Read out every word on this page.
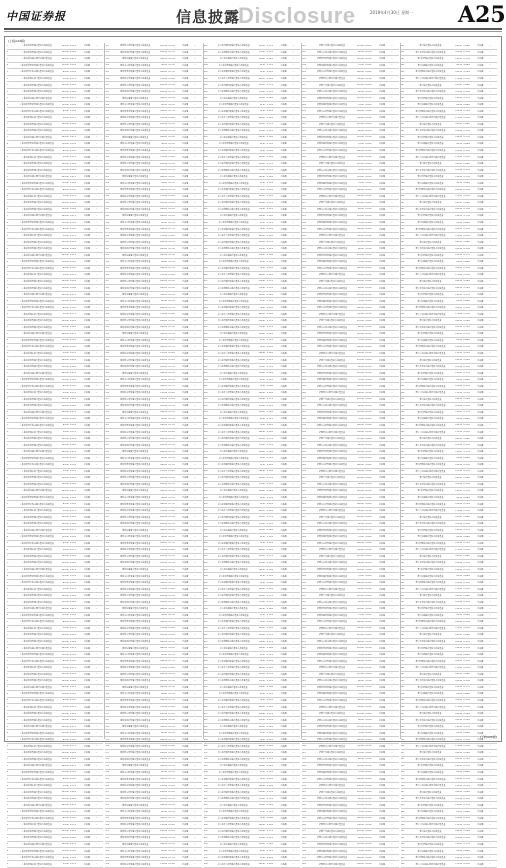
中国证券报	信息披露
Disclosure	2019年4月30日 星期一 A25
(上接A24版)
1	工银瑞信添利债券型证券投资基金	200.00 0.25%	已披露	—
2	工银瑞信双利债券型证券投资基金	150.00 0.18%	已披露	—
3	工银瑞信纯债定期开放债券型基金	300.00 0.37%	已披露	—
4	工银瑞信信用添利债券型证券投资基金	120.00 0.15%	已披露	—
5	工银瑞信四季收益债券型证券投资基金	80.00 0.10%	已披露	—
6	工银瑞信保本混合型证券投资基金	90.00 0.11%	已披露	—
1	工银瑞信添利债券型证券投资基金	200.00 0.25%	已披露	—
2	工银瑞信双利债券型证券投资基金	150.00 0.18%	已披露	—
3	工银瑞信纯债定期开放债券型基金	300.00 0.37%	已披露	—
4	工银瑞信信用添利债券型证券投资基金	120.00 0.15%	已披露	—
5	工银瑞信四季收益债券型证券投资基金	80.00 0.10%	已披露	—
6	工银瑞信保本混合型证券投资基金	90.00 0.11%	已披露	—
1	工银瑞信添利债券型证券投资基金	200.00 0.25%	已披露	—
2	工银瑞信双利债券型证券投资基金	150.00 0.18%	已披露	—
3	工银瑞信纯债定期开放债券型基金	300.00 0.37%	已披露	—
4	工银瑞信信用添利债券型证券投资基金	120.00 0.15%	已披露	—
5	工银瑞信四季收益债券型证券投资基金	80.00 0.10%	已披露	—
6	工银瑞信保本混合型证券投资基金	90.00 0.11%	已披露	—
1	工银瑞信添利债券型证券投资基金	200.00 0.25%	已披露	—
2	工银瑞信双利债券型证券投资基金	150.00 0.18%	已披露	—
3	工银瑞信纯债定期开放债券型基金	300.00 0.37%	已披露	—
4	工银瑞信信用添利债券型证券投资基金	120.00 0.15%	已披露	—
5	工银瑞信四季收益债券型证券投资基金	80.00 0.10%	已披露	—
6	工银瑞信保本混合型证券投资基金	90.00 0.11%	已披露	—
1	工银瑞信添利债券型证券投资基金	200.00 0.25%	已披露	—
2	工银瑞信双利债券型证券投资基金	150.00 0.18%	已披露	—
3	工银瑞信纯债定期开放债券型基金	300.00 0.37%	已披露	—
4	工银瑞信信用添利债券型证券投资基金	120.00 0.15%	已披露	—
5	工银瑞信四季收益债券型证券投资基金	80.00 0.10%	已披露	—
6	工银瑞信保本混合型证券投资基金	90.00 0.11%	已披露	—
1	工银瑞信添利债券型证券投资基金	200.00 0.25%	已披露	—
2	工银瑞信双利债券型证券投资基金	150.00 0.18%	已披露	—
3	工银瑞信纯债定期开放债券型基金	300.00 0.37%	已披露	—
4	工银瑞信信用添利债券型证券投资基金	120.00 0.15%	已披露	—
5	工银瑞信四季收益债券型证券投资基金	80.00 0.10%	已披露	—
6	工银瑞信保本混合型证券投资基金	90.00 0.11%	已披露	—
1	工银瑞信添利债券型证券投资基金	200.00 0.25%	已披露	—
2	工银瑞信双利债券型证券投资基金	150.00 0.18%	已披露	—
3	工银瑞信纯债定期开放债券型基金	300.00 0.37%	已披露	—
4	工银瑞信信用添利债券型证券投资基金	120.00 0.15%	已披露	—
5	工银瑞信四季收益债券型证券投资基金	80.00 0.10%	已披露	—
6	工银瑞信保本混合型证券投资基金	90.00 0.11%	已披露	—
1	工银瑞信添利债券型证券投资基金	200.00 0.25%	已披露	—
2	工银瑞信双利债券型证券投资基金	150.00 0.18%	已披露	—
3	工银瑞信纯债定期开放债券型基金	300.00 0.37%	已披露	—
4	工银瑞信信用添利债券型证券投资基金	120.00 0.15%	已披露	—
5	工银瑞信四季收益债券型证券投资基金	80.00 0.10%	已披露	—
6	工银瑞信保本混合型证券投资基金	90.00 0.11%	已披露	—
1	工银瑞信添利债券型证券投资基金	200.00 0.25%	已披露	—
2	工银瑞信双利债券型证券投资基金	150.00 0.18%	已披露	—
3	工银瑞信纯债定期开放债券型基金	300.00 0.37%	已披露	—
4	工银瑞信信用添利债券型证券投资基金	120.00 0.15%	已披露	—
5	工银瑞信四季收益债券型证券投资基金	80.00 0.10%	已披露	—
6	工银瑞信保本混合型证券投资基金	90.00 0.11%	已披露	—
1	工银瑞信添利债券型证券投资基金	200.00 0.25%	已披露	—
2	工银瑞信双利债券型证券投资基金	150.00 0.18%	已披露	—
3	工银瑞信纯债定期开放债券型基金	300.00 0.37%	已披露	—
4	工银瑞信信用添利债券型证券投资基金	120.00 0.15%	已披露	—
5	工银瑞信四季收益债券型证券投资基金	80.00 0.10%	已披露	—
6	工银瑞信保本混合型证券投资基金	90.00 0.11%	已披露	—
1	工银瑞信添利债券型证券投资基金	200.00 0.25%	已披露	—
2	工银瑞信双利债券型证券投资基金	150.00 0.18%	已披露	—
3	工银瑞信纯债定期开放债券型基金	300.00 0.37%	已披露	—
4	工银瑞信信用添利债券型证券投资基金	120.00 0.15%	已披露	—
5	工银瑞信四季收益债券型证券投资基金	80.00 0.10%	已披露	—
6	工银瑞信保本混合型证券投资基金	90.00 0.11%	已披露	—
1	工银瑞信添利债券型证券投资基金	200.00 0.25%	已披露	—
2	工银瑞信双利债券型证券投资基金	150.00 0.18%	已披露	—
3	工银瑞信纯债定期开放债券型基金	300.00 0.37%	已披露	—
4	工银瑞信信用添利债券型证券投资基金	120.00 0.15%	已披露	—
5	工银瑞信四季收益债券型证券投资基金	80.00 0.10%	已披露	—
6	工银瑞信保本混合型证券投资基金	90.00 0.11%	已披露	—
1	工银瑞信添利债券型证券投资基金	200.00 0.25%	已披露	—
2	工银瑞信双利债券型证券投资基金	150.00 0.18%	已披露	—
3	工银瑞信纯债定期开放债券型基金	300.00 0.37%	已披露	—
4	工银瑞信信用添利债券型证券投资基金	120.00 0.15%	已披露	—
5	工银瑞信四季收益债券型证券投资基金	80.00 0.10%	已披露	—
6	工银瑞信保本混合型证券投资基金	90.00 0.11%	已披露	—
1	工银瑞信添利债券型证券投资基金	200.00 0.25%	已披露	—
2	工银瑞信双利债券型证券投资基金	150.00 0.18%	已披露	—
3	工银瑞信纯债定期开放债券型基金	300.00 0.37%	已披露	—
4	工银瑞信信用添利债券型证券投资基金	120.00 0.15%	已披露	—
5	工银瑞信四季收益债券型证券投资基金	80.00 0.10%	已披露	—
6	工银瑞信保本混合型证券投资基金	90.00 0.11%	已披露	—
1	工银瑞信添利债券型证券投资基金	200.00 0.25%	已披露	—
2	工银瑞信双利债券型证券投资基金	150.00 0.18%	已披露	—
3	工银瑞信纯债定期开放债券型基金	300.00 0.37%	已披露	—
4	工银瑞信信用添利债券型证券投资基金	120.00 0.15%	已披露	—
5	工银瑞信四季收益债券型证券投资基金	80.00 0.10%	已披露	—
6	工银瑞信保本混合型证券投资基金	90.00 0.11%	已披露	—
1	工银瑞信添利债券型证券投资基金	200.00 0.25%	已披露	—
2	工银瑞信双利债券型证券投资基金	150.00 0.18%	已披露	—
3	工银瑞信纯债定期开放债券型基金	300.00 0.37%	已披露	—
4	工银瑞信信用添利债券型证券投资基金	120.00 0.15%	已披露	—
5	工银瑞信四季收益债券型证券投资基金	80.00 0.10%	已披露	—
6	工银瑞信保本混合型证券投资基金	90.00 0.11%	已披露	—
1	工银瑞信添利债券型证券投资基金	200.00 0.25%	已披露	—
2	工银瑞信双利债券型证券投资基金	150.00 0.18%	已披露	—
3	工银瑞信纯债定期开放债券型基金	300.00 0.37%	已披露	—
4	工银瑞信信用添利债券型证券投资基金	120.00 0.15%	已披露	—
5	工银瑞信四季收益债券型证券投资基金	80.00 0.10%	已披露	—
6	工银瑞信保本混合型证券投资基金	90.00 0.11%	已披露	—
1	工银瑞信添利债券型证券投资基金	200.00 0.25%	已披露	—
2	工银瑞信双利债券型证券投资基金	150.00 0.18%	已披露	—
3	工银瑞信纯债定期开放债券型基金	300.00 0.37%	已披露	—
4	工银瑞信信用添利债券型证券投资基金	120.00 0.15%	已披露	—
5	工银瑞信四季收益债券型证券投资基金	80.00 0.10%	已披露	—
6	工银瑞信保本混合型证券投资基金	90.00 0.11%	已披露	—
1	工银瑞信添利债券型证券投资基金	200.00 0.25%	已披露	—
2	工银瑞信双利债券型证券投资基金	150.00 0.18%	已披露	—
3	工银瑞信纯债定期开放债券型基金	300.00 0.37%	已披露	—
4	工银瑞信信用添利债券型证券投资基金	120.00 0.15%	已披露	—
5	工银瑞信四季收益债券型证券投资基金	80.00 0.10%	已披露	—
6	工银瑞信保本混合型证券投资基金	90.00 0.11%	已披露	—
1	工银瑞信添利债券型证券投资基金	200.00 0.25%	已披露	—
2	工银瑞信双利债券型证券投资基金	150.00 0.18%	已披露	—
3	工银瑞信纯债定期开放债券型基金	300.00 0.37%	已披露	—
4	工银瑞信信用添利债券型证券投资基金	120.00 0.15%	已披露	—
5	工银瑞信四季收益债券型证券投资基金	80.00 0.10%	已披露	—
6	工银瑞信保本混合型证券投资基金	90.00 0.11%	已披露	—
1	工银瑞信添利债券型证券投资基金	200.00 0.25%	已披露	—
2	工银瑞信双利债券型证券投资基金	150.00 0.18%	已披露	—
3	工银瑞信纯债定期开放债券型基金	300.00 0.37%	已披露	—
4	工银瑞信信用添利债券型证券投资基金	120.00 0.15%	已披露	—
5	工银瑞信四季收益债券型证券投资基金	80.00 0.10%	已披露	—
6	工银瑞信保本混合型证券投资基金	90.00 0.11%	已披露	—
201	建信稳定增利债券型证券投资基金	250.00 0.31%	已披露	—
202	建信双息红利债券型证券投资基金	100.00 0.12%	已披露	—
203	建信纯债债券型证券投资基金	180.00 0.22%	已披露	—
204	建信安心回报债券型证券投资基金	60.00 0.07%	已披露	—
205	建信信用增强债券型证券投资基金	140.00 0.17%	已披露	—
206	建信收益增强债券型证券投资基金	110.00 0.14%	已披露	—
201	建信稳定增利债券型证券投资基金	250.00 0.31%	已披露	—
202	建信双息红利债券型证券投资基金	100.00 0.12%	已披露	—
203	建信纯债债券型证券投资基金	180.00 0.22%	已披露	—
204	建信安心回报债券型证券投资基金	60.00 0.07%	已披露	—
205	建信信用增强债券型证券投资基金	140.00 0.17%	已披露	—
206	建信收益增强债券型证券投资基金	110.00 0.14%	已披露	—
201	建信稳定增利债券型证券投资基金	250.00 0.31%	已披露	—
202	建信双息红利债券型证券投资基金	100.00 0.12%	已披露	—
203	建信纯债债券型证券投资基金	180.00 0.22%	已披露	—
204	建信安心回报债券型证券投资基金	60.00 0.07%	已披露	—
205	建信信用增强债券型证券投资基金	140.00 0.17%	已披露	—
206	建信收益增强债券型证券投资基金	110.00 0.14%	已披露	—
201	建信稳定增利债券型证券投资基金	250.00 0.31%	已披露	—
202	建信双息红利债券型证券投资基金	100.00 0.12%	已披露	—
203	建信纯债债券型证券投资基金	180.00 0.22%	已披露	—
204	建信安心回报债券型证券投资基金	60.00 0.07%	已披露	—
205	建信信用增强债券型证券投资基金	140.00 0.17%	已披露	—
206	建信收益增强债券型证券投资基金	110.00 0.14%	已披露	—
201	建信稳定增利债券型证券投资基金	250.00 0.31%	已披露	—
202	建信双息红利债券型证券投资基金	100.00 0.12%	已披露	—
203	建信纯债债券型证券投资基金	180.00 0.22%	已披露	—
204	建信安心回报债券型证券投资基金	60.00 0.07%	已披露	—
205	建信信用增强债券型证券投资基金	140.00 0.17%	已披露	—
206	建信收益增强债券型证券投资基金	110.00 0.14%	已披露	—
201	建信稳定增利债券型证券投资基金	250.00 0.31%	已披露	—
202	建信双息红利债券型证券投资基金	100.00 0.12%	已披露	—
203	建信纯债债券型证券投资基金	180.00 0.22%	已披露	—
204	建信安心回报债券型证券投资基金	60.00 0.07%	已披露	—
205	建信信用增强债券型证券投资基金	140.00 0.17%	已披露	—
206	建信收益增强债券型证券投资基金	110.00 0.14%	已披露	—
201	建信稳定增利债券型证券投资基金	250.00 0.31%	已披露	—
202	建信双息红利债券型证券投资基金	100.00 0.12%	已披露	—
203	建信纯债债券型证券投资基金	180.00 0.22%	已披露	—
204	建信安心回报债券型证券投资基金	60.00 0.07%	已披露	—
205	建信信用增强债券型证券投资基金	140.00 0.17%	已披露	—
206	建信收益增强债券型证券投资基金	110.00 0.14%	已披露	—
201	建信稳定增利债券型证券投资基金	250.00 0.31%	已披露	—
202	建信双息红利债券型证券投资基金	100.00 0.12%	已披露	—
203	建信纯债债券型证券投资基金	180.00 0.22%	已披露	—
204	建信安心回报债券型证券投资基金	60.00 0.07%	已披露	—
205	建信信用增强债券型证券投资基金	140.00 0.17%	已披露	—
206	建信收益增强债券型证券投资基金	110.00 0.14%	已披露	—
201	建信稳定增利债券型证券投资基金	250.00 0.31%	已披露	—
202	建信双息红利债券型证券投资基金	100.00 0.12%	已披露	—
203	建信纯债债券型证券投资基金	180.00 0.22%	已披露	—
204	建信安心回报债券型证券投资基金	60.00 0.07%	已披露	—
205	建信信用增强债券型证券投资基金	140.00 0.17%	已披露	—
206	建信收益增强债券型证券投资基金	110.00 0.14%	已披露	—
201	建信稳定增利债券型证券投资基金	250.00 0.31%	已披露	—
202	建信双息红利债券型证券投资基金	100.00 0.12%	已披露	—
203	建信纯债债券型证券投资基金	180.00 0.22%	已披露	—
204	建信安心回报债券型证券投资基金	60.00 0.07%	已披露	—
205	建信信用增强债券型证券投资基金	140.00 0.17%	已披露	—
206	建信收益增强债券型证券投资基金	110.00 0.14%	已披露	—
201	建信稳定增利债券型证券投资基金	250.00 0.31%	已披露	—
202	建信双息红利债券型证券投资基金	100.00 0.12%	已披露	—
203	建信纯债债券型证券投资基金	180.00 0.22%	已披露	—
204	建信安心回报债券型证券投资基金	60.00 0.07%	已披露	—
205	建信信用增强债券型证券投资基金	140.00 0.17%	已披露	—
206	建信收益增强债券型证券投资基金	110.00 0.14%	已披露	—
201	建信稳定增利债券型证券投资基金	250.00 0.31%	已披露	—
202	建信双息红利债券型证券投资基金	100.00 0.12%	已披露	—
203	建信纯债债券型证券投资基金	180.00 0.22%	已披露	—
204	建信安心回报债券型证券投资基金	60.00 0.07%	已披露	—
205	建信信用增强债券型证券投资基金	140.00 0.17%	已披露	—
206	建信收益增强债券型证券投资基金	110.00 0.14%	已披露	—
201	建信稳定增利债券型证券投资基金	250.00 0.31%	已披露	—
202	建信双息红利债券型证券投资基金	100.00 0.12%	已披露	—
203	建信纯债债券型证券投资基金	180.00 0.22%	已披露	—
204	建信安心回报债券型证券投资基金	60.00 0.07%	已披露	—
205	建信信用增强债券型证券投资基金	140.00 0.17%	已披露	—
206	建信收益增强债券型证券投资基金	110.00 0.14%	已披露	—
201	建信稳定增利债券型证券投资基金	250.00 0.31%	已披露	—
202	建信双息红利债券型证券投资基金	100.00 0.12%	已披露	—
203	建信纯债债券型证券投资基金	180.00 0.22%	已披露	—
204	建信安心回报债券型证券投资基金	60.00 0.07%	已披露	—
205	建信信用增强债券型证券投资基金	140.00 0.17%	已披露	—
206	建信收益增强债券型证券投资基金	110.00 0.14%	已披露	—
201	建信稳定增利债券型证券投资基金	250.00 0.31%	已披露	—
202	建信双息红利债券型证券投资基金	100.00 0.12%	已披露	—
203	建信纯债债券型证券投资基金	180.00 0.22%	已披露	—
204	建信安心回报债券型证券投资基金	60.00 0.07%	已披露	—
205	建信信用增强债券型证券投资基金	140.00 0.17%	已披露	—
206	建信收益增强债券型证券投资基金	110.00 0.14%	已披露	—
201	建信稳定增利债券型证券投资基金	250.00 0.31%	已披露	—
202	建信双息红利债券型证券投资基金	100.00 0.12%	已披露	—
203	建信纯债债券型证券投资基金	180.00 0.22%	已披露	—
204	建信安心回报债券型证券投资基金	60.00 0.07%	已披露	—
205	建信信用增强债券型证券投资基金	140.00 0.17%	已披露	—
206	建信收益增强债券型证券投资基金	110.00 0.14%	已披露	—
201	建信稳定增利债券型证券投资基金	250.00 0.31%	已披露	—
202	建信双息红利债券型证券投资基金	100.00 0.12%	已披露	—
203	建信纯债债券型证券投资基金	180.00 0.22%	已披露	—
204	建信安心回报债券型证券投资基金	60.00 0.07%	已披露	—
205	建信信用增强债券型证券投资基金	140.00 0.17%	已披露	—
206	建信收益增强债券型证券投资基金	110.00 0.14%	已披露	—
201	建信稳定增利债券型证券投资基金	250.00 0.31%	已披露	—
202	建信双息红利债券型证券投资基金	100.00 0.12%	已披露	—
203	建信纯债债券型证券投资基金	180.00 0.22%	已披露	—
204	建信安心回报债券型证券投资基金	60.00 0.07%	已披露	—
205	建信信用增强债券型证券投资基金	140.00 0.17%	已披露	—
206	建信收益增强债券型证券投资基金	110.00 0.14%	已披露	—
201	建信稳定增利债券型证券投资基金	250.00 0.31%	已披露	—
202	建信双息红利债券型证券投资基金	100.00 0.12%	已披露	—
203	建信纯债债券型证券投资基金	180.00 0.22%	已披露	—
204	建信安心回报债券型证券投资基金	60.00 0.07%	已披露	—
205	建信信用增强债券型证券投资基金	140.00 0.17%	已披露	—
206	建信收益增强债券型证券投资基金	110.00 0.14%	已披露	—
201	建信稳定增利债券型证券投资基金	250.00 0.31%	已披露	—
202	建信双息红利债券型证券投资基金	100.00 0.12%	已披露	—
203	建信纯债债券型证券投资基金	180.00 0.22%	已披露	—
204	建信安心回报债券型证券投资基金	60.00 0.07%	已披露	—
205	建信信用增强债券型证券投资基金	140.00 0.17%	已披露	—
206	建信收益增强债券型证券投资基金	110.00 0.14%	已披露	—
201	建信稳定增利债券型证券投资基金	250.00 0.31%	已披露	—
202	建信双息红利债券型证券投资基金	100.00 0.12%	已披露	—
203	建信纯债债券型证券投资基金	180.00 0.22%	已披露	—
204	建信安心回报债券型证券投资基金	60.00 0.07%	已披露	—
205	建信信用增强债券型证券投资基金	140.00 0.17%	已披露	—
206	建信收益增强债券型证券投资基金	110.00 0.14%	已披露	—
401	易方达增强回报债券型证券投资基金	220.00 0.27%	已披露	—
402	易方达稳健收益债券型证券投资基金	170.00 0.21%	已披露	—
403	易方达纯债债券型证券投资基金	130.00 0.16%	已披露	—
404	易方达信用债债券型证券投资基金	95.00 0.12%	已披露	—
405	易方达双债增强债券型证券投资基金	75.00 0.09%	已披露	—
406	易方达岁丰添利债券型证券投资基金	160.00 0.20%	已披露	—
401	易方达增强回报债券型证券投资基金	220.00 0.27%	已披露	—
402	易方达稳健收益债券型证券投资基金	170.00 0.21%	已披露	—
403	易方达纯债债券型证券投资基金	130.00 0.16%	已披露	—
404	易方达信用债债券型证券投资基金	95.00 0.12%	已披露	—
405	易方达双债增强债券型证券投资基金	75.00 0.09%	已披露	—
406	易方达岁丰添利债券型证券投资基金	160.00 0.20%	已披露	—
401	易方达增强回报债券型证券投资基金	220.00 0.27%	已披露	—
402	易方达稳健收益债券型证券投资基金	170.00 0.21%	已披露	—
403	易方达纯债债券型证券投资基金	130.00 0.16%	已披露	—
404	易方达信用债债券型证券投资基金	95.00 0.12%	已披露	—
405	易方达双债增强债券型证券投资基金	75.00 0.09%	已披露	—
406	易方达岁丰添利债券型证券投资基金	160.00 0.20%	已披露	—
401	易方达增强回报债券型证券投资基金	220.00 0.27%	已披露	—
402	易方达稳健收益债券型证券投资基金	170.00 0.21%	已披露	—
403	易方达纯债债券型证券投资基金	130.00 0.16%	已披露	—
404	易方达信用债债券型证券投资基金	95.00 0.12%	已披露	—
405	易方达双债增强债券型证券投资基金	75.00 0.09%	已披露	—
406	易方达岁丰添利债券型证券投资基金	160.00 0.20%	已披露	—
401	易方达增强回报债券型证券投资基金	220.00 0.27%	已披露	—
402	易方达稳健收益债券型证券投资基金	170.00 0.21%	已披露	—
403	易方达纯债债券型证券投资基金	130.00 0.16%	已披露	—
404	易方达信用债债券型证券投资基金	95.00 0.12%	已披露	—
405	易方达双债增强债券型证券投资基金	75.00 0.09%	已披露	—
406	易方达岁丰添利债券型证券投资基金	160.00 0.20%	已披露	—
401	易方达增强回报债券型证券投资基金	220.00 0.27%	已披露	—
402	易方达稳健收益债券型证券投资基金	170.00 0.21%	已披露	—
403	易方达纯债债券型证券投资基金	130.00 0.16%	已披露	—
404	易方达信用债债券型证券投资基金	95.00 0.12%	已披露	—
405	易方达双债增强债券型证券投资基金	75.00 0.09%	已披露	—
406	易方达岁丰添利债券型证券投资基金	160.00 0.20%	已披露	—
401	易方达增强回报债券型证券投资基金	220.00 0.27%	已披露	—
402	易方达稳健收益债券型证券投资基金	170.00 0.21%	已披露	—
403	易方达纯债债券型证券投资基金	130.00 0.16%	已披露	—
404	易方达信用债债券型证券投资基金	95.00 0.12%	已披露	—
405	易方达双债增强债券型证券投资基金	75.00 0.09%	已披露	—
406	易方达岁丰添利债券型证券投资基金	160.00 0.20%	已披露	—
401	易方达增强回报债券型证券投资基金	220.00 0.27%	已披露	—
402	易方达稳健收益债券型证券投资基金	170.00 0.21%	已披露	—
403	易方达纯债债券型证券投资基金	130.00 0.16%	已披露	—
404	易方达信用债债券型证券投资基金	95.00 0.12%	已披露	—
405	易方达双债增强债券型证券投资基金	75.00 0.09%	已披露	—
406	易方达岁丰添利债券型证券投资基金	160.00 0.20%	已披露	—
401	易方达增强回报债券型证券投资基金	220.00 0.27%	已披露	—
402	易方达稳健收益债券型证券投资基金	170.00 0.21%	已披露	—
403	易方达纯债债券型证券投资基金	130.00 0.16%	已披露	—
404	易方达信用债债券型证券投资基金	95.00 0.12%	已披露	—
405	易方达双债增强债券型证券投资基金	75.00 0.09%	已披露	—
406	易方达岁丰添利债券型证券投资基金	160.00 0.20%	已披露	—
401	易方达增强回报债券型证券投资基金	220.00 0.27%	已披露	—
402	易方达稳健收益债券型证券投资基金	170.00 0.21%	已披露	—
403	易方达纯债债券型证券投资基金	130.00 0.16%	已披露	—
404	易方达信用债债券型证券投资基金	95.00 0.12%	已披露	—
405	易方达双债增强债券型证券投资基金	75.00 0.09%	已披露	—
406	易方达岁丰添利债券型证券投资基金	160.00 0.20%	已披露	—
401	易方达增强回报债券型证券投资基金	220.00 0.27%	已披露	—
402	易方达稳健收益债券型证券投资基金	170.00 0.21%	已披露	—
403	易方达纯债债券型证券投资基金	130.00 0.16%	已披露	—
404	易方达信用债债券型证券投资基金	95.00 0.12%	已披露	—
405	易方达双债增强债券型证券投资基金	75.00 0.09%	已披露	—
406	易方达岁丰添利债券型证券投资基金	160.00 0.20%	已披露	—
401	易方达增强回报债券型证券投资基金	220.00 0.27%	已披露	—
402	易方达稳健收益债券型证券投资基金	170.00 0.21%	已披露	—
403	易方达纯债债券型证券投资基金	130.00 0.16%	已披露	—
404	易方达信用债债券型证券投资基金	95.00 0.12%	已披露	—
405	易方达双债增强债券型证券投资基金	75.00 0.09%	已披露	—
406	易方达岁丰添利债券型证券投资基金	160.00 0.20%	已披露	—
401	易方达增强回报债券型证券投资基金	220.00 0.27%	已披露	—
402	易方达稳健收益债券型证券投资基金	170.00 0.21%	已披露	—
403	易方达纯债债券型证券投资基金	130.00 0.16%	已披露	—
404	易方达信用债债券型证券投资基金	95.00 0.12%	已披露	—
405	易方达双债增强债券型证券投资基金	75.00 0.09%	已披露	—
406	易方达岁丰添利债券型证券投资基金	160.00 0.20%	已披露	—
401	易方达增强回报债券型证券投资基金	220.00 0.27%	已披露	—
402	易方达稳健收益债券型证券投资基金	170.00 0.21%	已披露	—
403	易方达纯债债券型证券投资基金	130.00 0.16%	已披露	—
404	易方达信用债债券型证券投资基金	95.00 0.12%	已披露	—
405	易方达双债增强债券型证券投资基金	75.00 0.09%	已披露	—
406	易方达岁丰添利债券型证券投资基金	160.00 0.20%	已披露	—
401	易方达增强回报债券型证券投资基金	220.00 0.27%	已披露	—
402	易方达稳健收益债券型证券投资基金	170.00 0.21%	已披露	—
403	易方达纯债债券型证券投资基金	130.00 0.16%	已披露	—
404	易方达信用债债券型证券投资基金	95.00 0.12%	已披露	—
405	易方达双债增强债券型证券投资基金	75.00 0.09%	已披露	—
406	易方达岁丰添利债券型证券投资基金	160.00 0.20%	已披露	—
401	易方达增强回报债券型证券投资基金	220.00 0.27%	已披露	—
402	易方达稳健收益债券型证券投资基金	170.00 0.21%	已披露	—
403	易方达纯债债券型证券投资基金	130.00 0.16%	已披露	—
404	易方达信用债债券型证券投资基金	95.00 0.12%	已披露	—
405	易方达双债增强债券型证券投资基金	75.00 0.09%	已披露	—
406	易方达岁丰添利债券型证券投资基金	160.00 0.20%	已披露	—
401	易方达增强回报债券型证券投资基金	220.00 0.27%	已披露	—
402	易方达稳健收益债券型证券投资基金	170.00 0.21%	已披露	—
403	易方达纯债债券型证券投资基金	130.00 0.16%	已披露	—
404	易方达信用债债券型证券投资基金	95.00 0.12%	已披露	—
405	易方达双债增强债券型证券投资基金	75.00 0.09%	已披露	—
406	易方达岁丰添利债券型证券投资基金	160.00 0.20%	已披露	—
401	易方达增强回报债券型证券投资基金	220.00 0.27%	已披露	—
402	易方达稳健收益债券型证券投资基金	170.00 0.21%	已披露	—
403	易方达纯债债券型证券投资基金	130.00 0.16%	已披露	—
404	易方达信用债债券型证券投资基金	95.00 0.12%	已披露	—
405	易方达双债增强债券型证券投资基金	75.00 0.09%	已披露	—
406	易方达岁丰添利债券型证券投资基金	160.00 0.20%	已披露	—
401	易方达增强回报债券型证券投资基金	220.00 0.27%	已披露	—
402	易方达稳健收益债券型证券投资基金	170.00 0.21%	已披露	—
403	易方达纯债债券型证券投资基金	130.00 0.16%	已披露	—
404	易方达信用债债券型证券投资基金	95.00 0.12%	已披露	—
405	易方达双债增强债券型证券投资基金	75.00 0.09%	已披露	—
406	易方达岁丰添利债券型证券投资基金	160.00 0.20%	已披露	—
401	易方达增强回报债券型证券投资基金	220.00 0.27%	已披露	—
402	易方达稳健收益债券型证券投资基金	170.00 0.21%	已披露	—
403	易方达纯债债券型证券投资基金	130.00 0.16%	已披露	—
404	易方达信用债债券型证券投资基金	95.00 0.12%	已披露	—
405	易方达双债增强债券型证券投资基金	75.00 0.09%	已披露	—
406	易方达岁丰添利债券型证券投资基金	160.00 0.20%	已披露	—
401	易方达增强回报债券型证券投资基金	220.00 0.27%	已披露	—
402	易方达稳健收益债券型证券投资基金	170.00 0.21%	已披露	—
403	易方达纯债债券型证券投资基金	130.00 0.16%	已披露	—
404	易方达信用债债券型证券投资基金	95.00 0.12%	已披露	—
405	易方达双债增强债券型证券投资基金	75.00 0.09%	已披露	—
406	易方达岁丰添利债券型证券投资基金	160.00 0.20%	已披露	—
601	招商产业债券型证券投资基金	210.00 0.26%	已披露	—
602	招商安心收益债券型证券投资基金	85.00 0.10%	已披露	—
603	招商信用添利债券型证券投资基金	125.00 0.15%	已披露	—
604	招商双债增强债券型证券投资基金	70.00 0.09%	已披露	—
605	招商安本增利债券型证券投资基金	145.00 0.18%	已披露	—
606	招商稳祥定期开放债券型基金	190.00 0.23%	已披露	—
601	招商产业债券型证券投资基金	210.00 0.26%	已披露	—
602	招商安心收益债券型证券投资基金	85.00 0.10%	已披露	—
603	招商信用添利债券型证券投资基金	125.00 0.15%	已披露	—
604	招商双债增强债券型证券投资基金	70.00 0.09%	已披露	—
605	招商安本增利债券型证券投资基金	145.00 0.18%	已披露	—
606	招商稳祥定期开放债券型基金	190.00 0.23%	已披露	—
601	招商产业债券型证券投资基金	210.00 0.26%	已披露	—
602	招商安心收益债券型证券投资基金	85.00 0.10%	已披露	—
603	招商信用添利债券型证券投资基金	125.00 0.15%	已披露	—
604	招商双债增强债券型证券投资基金	70.00 0.09%	已披露	—
605	招商安本增利债券型证券投资基金	145.00 0.18%	已披露	—
606	招商稳祥定期开放债券型基金	190.00 0.23%	已披露	—
601	招商产业债券型证券投资基金	210.00 0.26%	已披露	—
602	招商安心收益债券型证券投资基金	85.00 0.10%	已披露	—
603	招商信用添利债券型证券投资基金	125.00 0.15%	已披露	—
604	招商双债增强债券型证券投资基金	70.00 0.09%	已披露	—
605	招商安本增利债券型证券投资基金	145.00 0.18%	已披露	—
606	招商稳祥定期开放债券型基金	190.00 0.23%	已披露	—
601	招商产业债券型证券投资基金	210.00 0.26%	已披露	—
602	招商安心收益债券型证券投资基金	85.00 0.10%	已披露	—
603	招商信用添利债券型证券投资基金	125.00 0.15%	已披露	—
604	招商双债增强债券型证券投资基金	70.00 0.09%	已披露	—
605	招商安本增利债券型证券投资基金	145.00 0.18%	已披露	—
606	招商稳祥定期开放债券型基金	190.00 0.23%	已披露	—
601	招商产业债券型证券投资基金	210.00 0.26%	已披露	—
602	招商安心收益债券型证券投资基金	85.00 0.10%	已披露	—
603	招商信用添利债券型证券投资基金	125.00 0.15%	已披露	—
604	招商双债增强债券型证券投资基金	70.00 0.09%	已披露	—
605	招商安本增利债券型证券投资基金	145.00 0.18%	已披露	—
606	招商稳祥定期开放债券型基金	190.00 0.23%	已披露	—
601	招商产业债券型证券投资基金	210.00 0.26%	已披露	—
602	招商安心收益债券型证券投资基金	85.00 0.10%	已披露	—
603	招商信用添利债券型证券投资基金	125.00 0.15%	已披露	—
604	招商双债增强债券型证券投资基金	70.00 0.09%	已披露	—
605	招商安本增利债券型证券投资基金	145.00 0.18%	已披露	—
606	招商稳祥定期开放债券型基金	190.00 0.23%	已披露	—
601	招商产业债券型证券投资基金	210.00 0.26%	已披露	—
602	招商安心收益债券型证券投资基金	85.00 0.10%	已披露	—
603	招商信用添利债券型证券投资基金	125.00 0.15%	已披露	—
604	招商双债增强债券型证券投资基金	70.00 0.09%	已披露	—
605	招商安本增利债券型证券投资基金	145.00 0.18%	已披露	—
606	招商稳祥定期开放债券型基金	190.00 0.23%	已披露	—
601	招商产业债券型证券投资基金	210.00 0.26%	已披露	—
602	招商安心收益债券型证券投资基金	85.00 0.10%	已披露	—
603	招商信用添利债券型证券投资基金	125.00 0.15%	已披露	—
604	招商双债增强债券型证券投资基金	70.00 0.09%	已披露	—
605	招商安本增利债券型证券投资基金	145.00 0.18%	已披露	—
606	招商稳祥定期开放债券型基金	190.00 0.23%	已披露	—
601	招商产业债券型证券投资基金	210.00 0.26%	已披露	—
602	招商安心收益债券型证券投资基金	85.00 0.10%	已披露	—
603	招商信用添利债券型证券投资基金	125.00 0.15%	已披露	—
604	招商双债增强债券型证券投资基金	70.00 0.09%	已披露	—
605	招商安本增利债券型证券投资基金	145.00 0.18%	已披露	—
606	招商稳祥定期开放债券型基金	190.00 0.23%	已披露	—
601	招商产业债券型证券投资基金	210.00 0.26%	已披露	—
602	招商安心收益债券型证券投资基金	85.00 0.10%	已披露	—
603	招商信用添利债券型证券投资基金	125.00 0.15%	已披露	—
604	招商双债增强债券型证券投资基金	70.00 0.09%	已披露	—
605	招商安本增利债券型证券投资基金	145.00 0.18%	已披露	—
606	招商稳祥定期开放债券型基金	190.00 0.23%	已披露	—
601	招商产业债券型证券投资基金	210.00 0.26%	已披露	—
602	招商安心收益债券型证券投资基金	85.00 0.10%	已披露	—
603	招商信用添利债券型证券投资基金	125.00 0.15%	已披露	—
604	招商双债增强债券型证券投资基金	70.00 0.09%	已披露	—
605	招商安本增利债券型证券投资基金	145.00 0.18%	已披露	—
606	招商稳祥定期开放债券型基金	190.00 0.23%	已披露	—
601	招商产业债券型证券投资基金	210.00 0.26%	已披露	—
602	招商安心收益债券型证券投资基金	85.00 0.10%	已披露	—
603	招商信用添利债券型证券投资基金	125.00 0.15%	已披露	—
604	招商双债增强债券型证券投资基金	70.00 0.09%	已披露	—
605	招商安本增利债券型证券投资基金	145.00 0.18%	已披露	—
606	招商稳祥定期开放债券型基金	190.00 0.23%	已披露	—
601	招商产业债券型证券投资基金	210.00 0.26%	已披露	—
602	招商安心收益债券型证券投资基金	85.00 0.10%	已披露	—
603	招商信用添利债券型证券投资基金	125.00 0.15%	已披露	—
604	招商双债增强债券型证券投资基金	70.00 0.09%	已披露	—
605	招商安本增利债券型证券投资基金	145.00 0.18%	已披露	—
606	招商稳祥定期开放债券型基金	190.00 0.23%	已披露	—
601	招商产业债券型证券投资基金	210.00 0.26%	已披露	—
602	招商安心收益债券型证券投资基金	85.00 0.10%	已披露	—
603	招商信用添利债券型证券投资基金	125.00 0.15%	已披露	—
604	招商双债增强债券型证券投资基金	70.00 0.09%	已披露	—
605	招商安本增利债券型证券投资基金	145.00 0.18%	已披露	—
606	招商稳祥定期开放债券型基金	190.00 0.23%	已披露	—
601	招商产业债券型证券投资基金	210.00 0.26%	已披露	—
602	招商安心收益债券型证券投资基金	85.00 0.10%	已披露	—
603	招商信用添利债券型证券投资基金	125.00 0.15%	已披露	—
604	招商双债增强债券型证券投资基金	70.00 0.09%	已披露	—
605	招商安本增利债券型证券投资基金	145.00 0.18%	已披露	—
606	招商稳祥定期开放债券型基金	190.00 0.23%	已披露	—
601	招商产业债券型证券投资基金	210.00 0.26%	已披露	—
602	招商安心收益债券型证券投资基金	85.00 0.10%	已披露	—
603	招商信用添利债券型证券投资基金	125.00 0.15%	已披露	—
604	招商双债增强债券型证券投资基金	70.00 0.09%	已披露	—
605	招商安本增利债券型证券投资基金	145.00 0.18%	已披露	—
606	招商稳祥定期开放债券型基金	190.00 0.23%	已披露	—
601	招商产业债券型证券投资基金	210.00 0.26%	已披露	—
602	招商安心收益债券型证券投资基金	85.00 0.10%	已披露	—
603	招商信用添利债券型证券投资基金	125.00 0.15%	已披露	—
604	招商双债增强债券型证券投资基金	70.00 0.09%	已披露	—
605	招商安本增利债券型证券投资基金	145.00 0.18%	已披露	—
606	招商稳祥定期开放债券型基金	190.00 0.23%	已披露	—
601	招商产业债券型证券投资基金	210.00 0.26%	已披露	—
602	招商安心收益债券型证券投资基金	85.00 0.10%	已披露	—
603	招商信用添利债券型证券投资基金	125.00 0.15%	已披露	—
604	招商双债增强债券型证券投资基金	70.00 0.09%	已披露	—
605	招商安本增利债券型证券投资基金	145.00 0.18%	已披露	—
606	招商稳祥定期开放债券型基金	190.00 0.23%	已披露	—
601	招商产业债券型证券投资基金	210.00 0.26%	已披露	—
602	招商安心收益债券型证券投资基金	85.00 0.10%	已披露	—
603	招商信用添利债券型证券投资基金	125.00 0.15%	已披露	—
604	招商双债增强债券型证券投资基金	70.00 0.09%	已披露	—
605	招商安本增利债券型证券投资基金	145.00 0.18%	已披露	—
606	招商稳祥定期开放债券型基金	190.00 0.23%	已披露	—
601	招商产业债券型证券投资基金	210.00 0.26%	已披露	—
602	招商安心收益债券型证券投资基金	85.00 0.10%	已披露	—
603	招商信用添利债券型证券投资基金	125.00 0.15%	已披露	—
604	招商双债增强债券型证券投资基金	70.00 0.09%	已披露	—
605	招商安本增利债券型证券投资基金	145.00 0.18%	已披露	—
606	招商稳祥定期开放债券型基金	190.00 0.23%	已披露	—
801	嘉实债券型证券投资基金	230.00 0.28%	已披露	—
802	嘉实多元收益债券型证券投资基金	105.00 0.13%	已披露	—
803	嘉实信用债券型证券投资基金	135.00 0.17%	已披露	—
804	嘉实纯债债券型证券投资基金	65.00 0.08%	已披露	—
805	嘉实稳固收益债券型证券投资基金	155.00 0.19%	已披露	—
806	嘉实丰益纯债定期开放债券型基金	175.00 0.22%	已披露	—
801	嘉实债券型证券投资基金	230.00 0.28%	已披露	—
802	嘉实多元收益债券型证券投资基金	105.00 0.13%	已披露	—
803	嘉实信用债券型证券投资基金	135.00 0.17%	已披露	—
804	嘉实纯债债券型证券投资基金	65.00 0.08%	已披露	—
805	嘉实稳固收益债券型证券投资基金	155.00 0.19%	已披露	—
806	嘉实丰益纯债定期开放债券型基金	175.00 0.22%	已披露	—
801	嘉实债券型证券投资基金	230.00 0.28%	已披露	—
802	嘉实多元收益债券型证券投资基金	105.00 0.13%	已披露	—
803	嘉实信用债券型证券投资基金	135.00 0.17%	已披露	—
804	嘉实纯债债券型证券投资基金	65.00 0.08%	已披露	—
805	嘉实稳固收益债券型证券投资基金	155.00 0.19%	已披露	—
806	嘉实丰益纯债定期开放债券型基金	175.00 0.22%	已披露	—
801	嘉实债券型证券投资基金	230.00 0.28%	已披露	—
802	嘉实多元收益债券型证券投资基金	105.00 0.13%	已披露	—
803	嘉实信用债券型证券投资基金	135.00 0.17%	已披露	—
804	嘉实纯债债券型证券投资基金	65.00 0.08%	已披露	—
805	嘉实稳固收益债券型证券投资基金	155.00 0.19%	已披露	—
806	嘉实丰益纯债定期开放债券型基金	175.00 0.22%	已披露	—
801	嘉实债券型证券投资基金	230.00 0.28%	已披露	—
802	嘉实多元收益债券型证券投资基金	105.00 0.13%	已披露	—
803	嘉实信用债券型证券投资基金	135.00 0.17%	已披露	—
804	嘉实纯债债券型证券投资基金	65.00 0.08%	已披露	—
805	嘉实稳固收益债券型证券投资基金	155.00 0.19%	已披露	—
806	嘉实丰益纯债定期开放债券型基金	175.00 0.22%	已披露	—
801	嘉实债券型证券投资基金	230.00 0.28%	已披露	—
802	嘉实多元收益债券型证券投资基金	105.00 0.13%	已披露	—
803	嘉实信用债券型证券投资基金	135.00 0.17%	已披露	—
804	嘉实纯债债券型证券投资基金	65.00 0.08%	已披露	—
805	嘉实稳固收益债券型证券投资基金	155.00 0.19%	已披露	—
806	嘉实丰益纯债定期开放债券型基金	175.00 0.22%	已披露	—
801	嘉实债券型证券投资基金	230.00 0.28%	已披露	—
802	嘉实多元收益债券型证券投资基金	105.00 0.13%	已披露	—
803	嘉实信用债券型证券投资基金	135.00 0.17%	已披露	—
804	嘉实纯债债券型证券投资基金	65.00 0.08%	已披露	—
805	嘉实稳固收益债券型证券投资基金	155.00 0.19%	已披露	—
806	嘉实丰益纯债定期开放债券型基金	175.00 0.22%	已披露	—
801	嘉实债券型证券投资基金	230.00 0.28%	已披露	—
802	嘉实多元收益债券型证券投资基金	105.00 0.13%	已披露	—
803	嘉实信用债券型证券投资基金	135.00 0.17%	已披露	—
804	嘉实纯债债券型证券投资基金	65.00 0.08%	已披露	—
805	嘉实稳固收益债券型证券投资基金	155.00 0.19%	已披露	—
806	嘉实丰益纯债定期开放债券型基金	175.00 0.22%	已披露	—
801	嘉实债券型证券投资基金	230.00 0.28%	已披露	—
802	嘉实多元收益债券型证券投资基金	105.00 0.13%	已披露	—
803	嘉实信用债券型证券投资基金	135.00 0.17%	已披露	—
804	嘉实纯债债券型证券投资基金	65.00 0.08%	已披露	—
805	嘉实稳固收益债券型证券投资基金	155.00 0.19%	已披露	—
806	嘉实丰益纯债定期开放债券型基金	175.00 0.22%	已披露	—
801	嘉实债券型证券投资基金	230.00 0.28%	已披露	—
802	嘉实多元收益债券型证券投资基金	105.00 0.13%	已披露	—
803	嘉实信用债券型证券投资基金	135.00 0.17%	已披露	—
804	嘉实纯债债券型证券投资基金	65.00 0.08%	已披露	—
805	嘉实稳固收益债券型证券投资基金	155.00 0.19%	已披露	—
806	嘉实丰益纯债定期开放债券型基金	175.00 0.22%	已披露	—
801	嘉实债券型证券投资基金	230.00 0.28%	已披露	—
802	嘉实多元收益债券型证券投资基金	105.00 0.13%	已披露	—
803	嘉实信用债券型证券投资基金	135.00 0.17%	已披露	—
804	嘉实纯债债券型证券投资基金	65.00 0.08%	已披露	—
805	嘉实稳固收益债券型证券投资基金	155.00 0.19%	已披露	—
806	嘉实丰益纯债定期开放债券型基金	175.00 0.22%	已披露	—
801	嘉实债券型证券投资基金	230.00 0.28%	已披露	—
802	嘉实多元收益债券型证券投资基金	105.00 0.13%	已披露	—
803	嘉实信用债券型证券投资基金	135.00 0.17%	已披露	—
804	嘉实纯债债券型证券投资基金	65.00 0.08%	已披露	—
805	嘉实稳固收益债券型证券投资基金	155.00 0.19%	已披露	—
806	嘉实丰益纯债定期开放债券型基金	175.00 0.22%	已披露	—
801	嘉实债券型证券投资基金	230.00 0.28%	已披露	—
802	嘉实多元收益债券型证券投资基金	105.00 0.13%	已披露	—
803	嘉实信用债券型证券投资基金	135.00 0.17%	已披露	—
804	嘉实纯债债券型证券投资基金	65.00 0.08%	已披露	—
805	嘉实稳固收益债券型证券投资基金	155.00 0.19%	已披露	—
806	嘉实丰益纯债定期开放债券型基金	175.00 0.22%	已披露	—
801	嘉实债券型证券投资基金	230.00 0.28%	已披露	—
802	嘉实多元收益债券型证券投资基金	105.00 0.13%	已披露	—
803	嘉实信用债券型证券投资基金	135.00 0.17%	已披露	—
804	嘉实纯债债券型证券投资基金	65.00 0.08%	已披露	—
805	嘉实稳固收益债券型证券投资基金	155.00 0.19%	已披露	—
806	嘉实丰益纯债定期开放债券型基金	175.00 0.22%	已披露	—
801	嘉实债券型证券投资基金	230.00 0.28%	已披露	—
802	嘉实多元收益债券型证券投资基金	105.00 0.13%	已披露	—
803	嘉实信用债券型证券投资基金	135.00 0.17%	已披露	—
804	嘉实纯债债券型证券投资基金	65.00 0.08%	已披露	—
805	嘉实稳固收益债券型证券投资基金	155.00 0.19%	已披露	—
806	嘉实丰益纯债定期开放债券型基金	175.00 0.22%	已披露	—
801	嘉实债券型证券投资基金	230.00 0.28%	已披露	—
802	嘉实多元收益债券型证券投资基金	105.00 0.13%	已披露	—
803	嘉实信用债券型证券投资基金	135.00 0.17%	已披露	—
804	嘉实纯债债券型证券投资基金	65.00 0.08%	已披露	—
805	嘉实稳固收益债券型证券投资基金	155.00 0.19%	已披露	—
806	嘉实丰益纯债定期开放债券型基金	175.00 0.22%	已披露	—
801	嘉实债券型证券投资基金	230.00 0.28%	已披露	—
802	嘉实多元收益债券型证券投资基金	105.00 0.13%	已披露	—
803	嘉实信用债券型证券投资基金	135.00 0.17%	已披露	—
804	嘉实纯债债券型证券投资基金	65.00 0.08%	已披露	—
805	嘉实稳固收益债券型证券投资基金	155.00 0.19%	已披露	—
806	嘉实丰益纯债定期开放债券型基金	175.00 0.22%	已披露	—
801	嘉实债券型证券投资基金	230.00 0.28%	已披露	—
802	嘉实多元收益债券型证券投资基金	105.00 0.13%	已披露	—
803	嘉实信用债券型证券投资基金	135.00 0.17%	已披露	—
804	嘉实纯债债券型证券投资基金	65.00 0.08%	已披露	—
805	嘉实稳固收益债券型证券投资基金	155.00 0.19%	已披露	—
806	嘉实丰益纯债定期开放债券型基金	175.00 0.22%	已披露	—
801	嘉实债券型证券投资基金	230.00 0.28%	已披露	—
802	嘉实多元收益债券型证券投资基金	105.00 0.13%	已披露	—
803	嘉实信用债券型证券投资基金	135.00 0.17%	已披露	—
804	嘉实纯债债券型证券投资基金	65.00 0.08%	已披露	—
805	嘉实稳固收益债券型证券投资基金	155.00 0.19%	已披露	—
806	嘉实丰益纯债定期开放债券型基金	175.00 0.22%	已披露	—
801	嘉实债券型证券投资基金	230.00 0.28%	已披露	—
802	嘉实多元收益债券型证券投资基金	105.00 0.13%	已披露	—
803	嘉实信用债券型证券投资基金	135.00 0.17%	已披露	—
804	嘉实纯债债券型证券投资基金	65.00 0.08%	已披露	—
805	嘉实稳固收益债券型证券投资基金	155.00 0.19%	已披露	—
806	嘉实丰益纯债定期开放债券型基金	175.00 0.22%	已披露	—
801	嘉实债券型证券投资基金	230.00 0.28%	已披露	—
802	嘉实多元收益债券型证券投资基金	105.00 0.13%	已披露	—
803	嘉实信用债券型证券投资基金	135.00 0.17%	已披露	—
804	嘉实纯债债券型证券投资基金	65.00 0.08%	已披露	—
805	嘉实稳固收益债券型证券投资基金	155.00 0.19%	已披露	—
806	嘉实丰益纯债定期开放债券型基金	175.00 0.22%	已披露	—
(下转A26版)
